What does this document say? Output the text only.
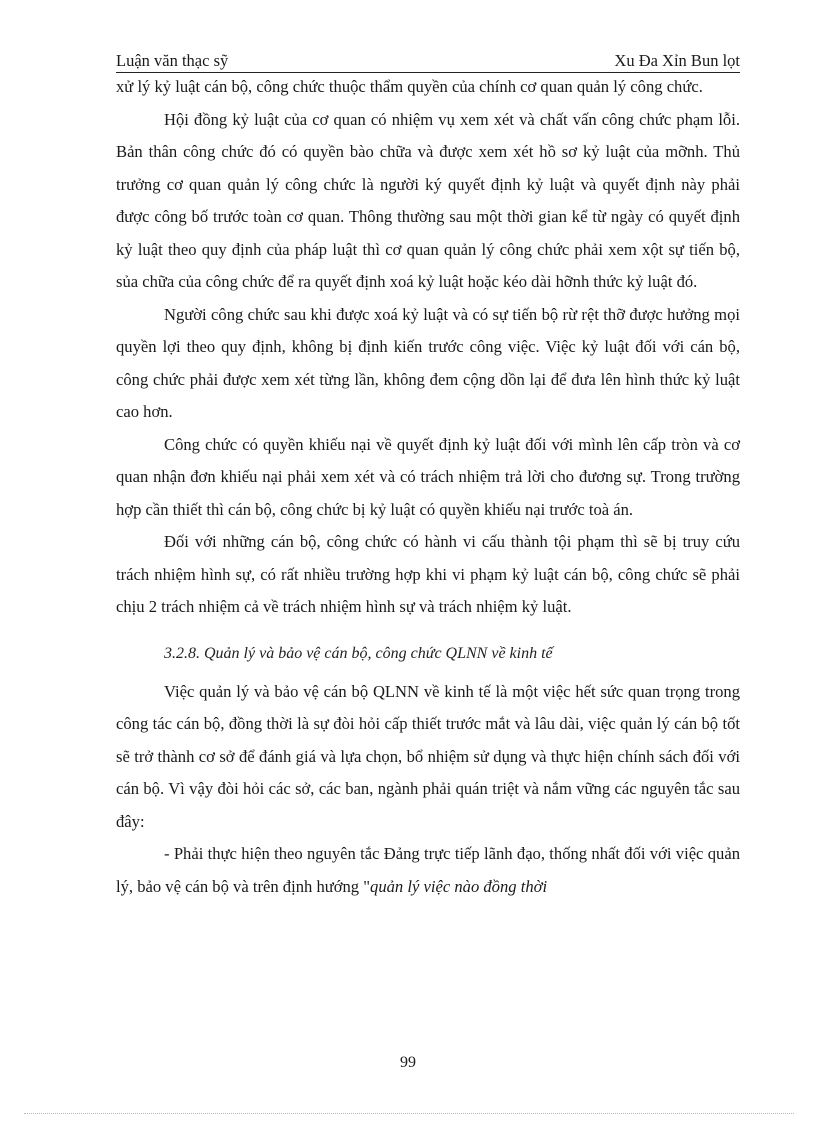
Luận văn thạc sỹ	Xu Đa Xỉn Bun lọt

xử lý kỷ luật cán bộ, công chức thuộc thẩm quyền của chính cơ quan quản lý công chức.

Hội đồng kỷ luật của cơ quan có nhiệm vụ xem xét và chất vấn công chức phạm lỗi. Bản thân công chức đó có quyền bào chữa và được xem xét hồ sơ kỷ luật của mỡnh. Thủ trưởng cơ quan quản lý công chức là người ký quyết định kỷ luật và quyết định này phải được công bố trước toàn cơ quan. Thông thường sau một thời gian kể từ ngày có quyết định kỷ luật theo quy định của pháp luật thì cơ quan quản lý công chức phải xem xột sự tiến bộ, sủa chữa của công chức để ra quyết định xoá kỷ luật hoặc kéo dài hỡnh thức kỷ luật đó.

Người công chức sau khi được xoá kỷ luật và có sự tiến bộ rừ rệt thỡ được hưởng mọi quyền lợi theo quy định, không bị định kiến trước công việc. Việc kỷ luật đối với cán bộ, công chức phải được xem xét từng lần, không đem cộng dồn lại để đưa lên hình thức kỷ luật cao hơn.

Công chức có quyền khiếu nại về quyết định kỷ luật đối với mình lên cấp tròn và cơ quan nhận đơn khiếu nại phải xem xét và có trách nhiệm trả lời cho đương sự. Trong trường hợp cần thiết thì cán bộ, công chức bị kỷ luật có quyền khiếu nại trước toà án.

Đối với những cán bộ, công chức có hành vi cấu thành tội phạm thì sẽ bị truy cứu trách nhiệm hình sự, có rất nhiều trường hợp khi vi phạm kỷ luật cán bộ, công chức sẽ phải chịu 2 trách nhiệm cả về trách nhiệm hình sự và trách nhiệm kỷ luật.

3.2.8. Quản lý và bảo vệ cán bộ, công chức QLNN về kinh tế

Việc quản lý và bảo vệ cán bộ QLNN về kinh tế là một việc hết sức quan trọng trong công tác cán bộ, đồng thời là sự đòi hỏi cấp thiết trước mắt và lâu dài, việc quản lý cán bộ tốt sẽ trở thành cơ sở để đánh giá và lựa chọn, bổ nhiệm sử dụng và thực hiện chính sách đối với cán bộ. Vì vậy đòi hỏi các sở, các ban, ngành phải quán triệt và nắm vững các nguyên tắc sau đây:

- Phải thực hiện theo nguyên tắc Đảng trực tiếp lãnh đạo, thống nhất đối với việc quản lý, bảo vệ cán bộ và trên định hướng "quản lý việc nào đồng thời

99
